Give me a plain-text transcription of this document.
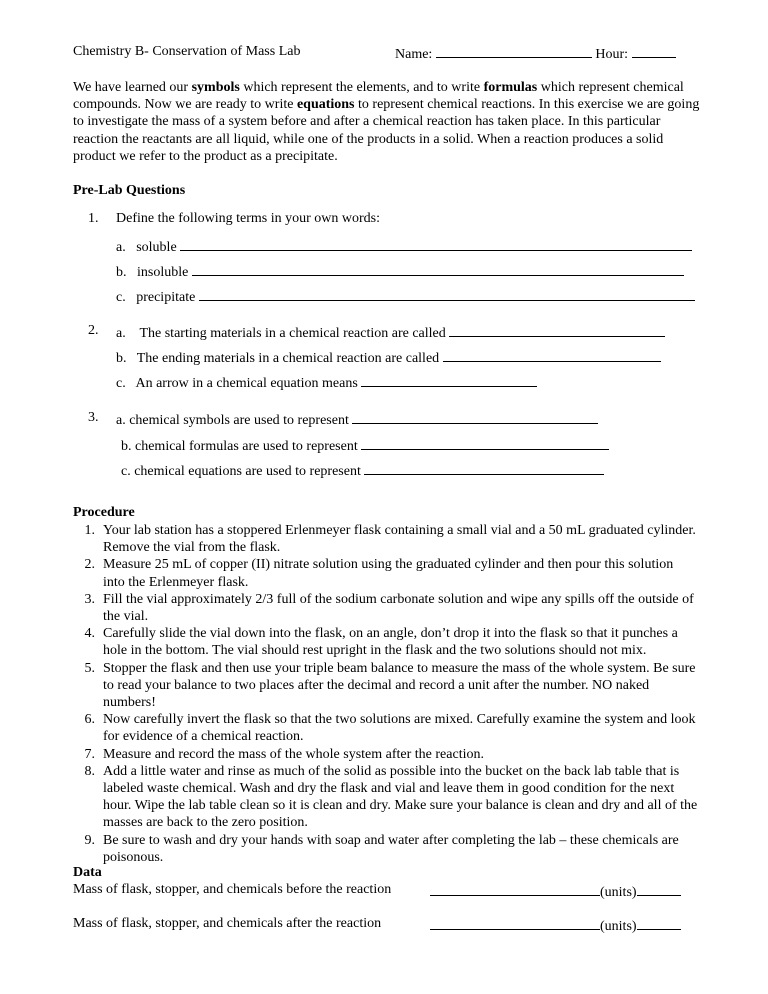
Chemistry B- Conservation of Mass Lab	Name:	Hour:
We have learned our symbols which represent the elements, and to write formulas which represent chemical compounds. Now we are ready to write equations to represent chemical reactions. In this exercise we are going to investigate the mass of a system before and after a chemical reaction has taken place. In this particular reaction the reactants are all liquid, while one of the products in a solid. When a reaction produces a solid product we refer to the product as a precipitate.
Pre-Lab Questions
1. Define the following terms in your own words:
a. soluble
b. insoluble
c. precipitate
2. a. The starting materials in a chemical reaction are called
b. The ending materials in a chemical reaction are called
c. An arrow in a chemical equation means
3. a. chemical symbols are used to represent
b. chemical formulas are used to represent
c. chemical equations are used to represent
Procedure
1. Your lab station has a stoppered Erlenmeyer flask containing a small vial and a 50 mL graduated cylinder. Remove the vial from the flask.
2. Measure 25 mL of copper (II) nitrate solution using the graduated cylinder and then pour this solution into the Erlenmeyer flask.
3. Fill the vial approximately 2/3 full of the sodium carbonate solution and wipe any spills off the outside of the vial.
4. Carefully slide the vial down into the flask, on an angle, don’t drop it into the flask so that it punches a hole in the bottom. The vial should rest upright in the flask and the two solutions should not mix.
5. Stopper the flask and then use your triple beam balance to measure the mass of the whole system. Be sure to read your balance to two places after the decimal and record a unit after the number. NO naked numbers!
6. Now carefully invert the flask so that the two solutions are mixed. Carefully examine the system and look for evidence of a chemical reaction.
7. Measure and record the mass of the whole system after the reaction.
8. Add a little water and rinse as much of the solid as possible into the bucket on the back lab table that is labeled waste chemical. Wash and dry the flask and vial and leave them in good condition for the next hour. Wipe the lab table clean so it is clean and dry. Make sure your balance is clean and dry and all of the masses are back to the zero position.
9. Be sure to wash and dry your hands with soap and water after completing the lab – these chemicals are poisonous.
Data
Mass of flask, stopper, and chemicals before the reaction	(units)
Mass of flask, stopper, and chemicals after the reaction	(units)
